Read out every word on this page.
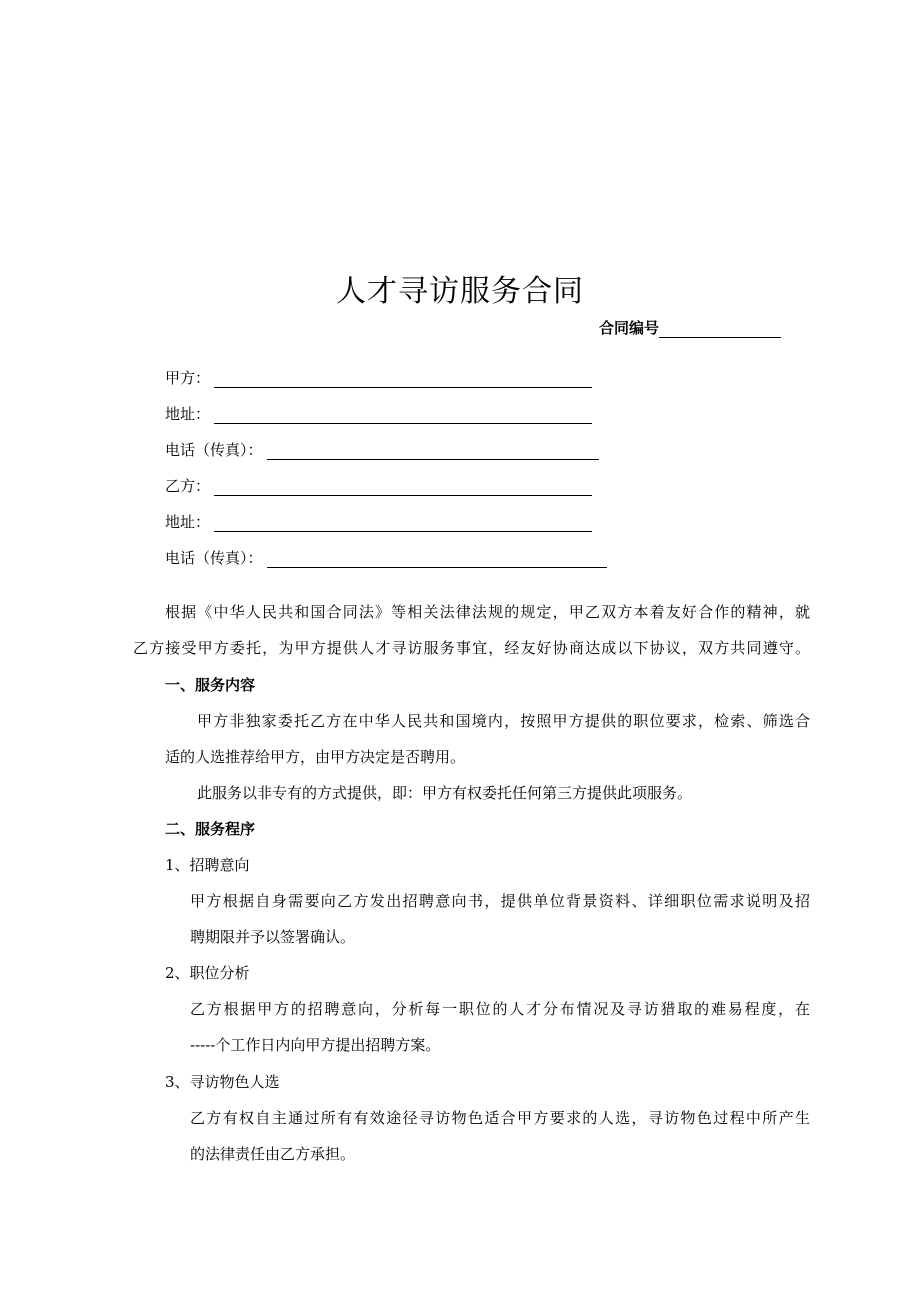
人才寻访服务合同
合同编号
甲方：
地址：
电话（传真）：
乙方：
地址：
电话（传真）：
根据《中华人民共和国合同法》等相关法律法规的规定，甲乙双方本着友好合作的精神，就
乙方接受甲方委托，为甲方提供人才寻访服务事宜，经友好协商达成以下协议，双方共同遵守。
一、服务内容
甲方非独家委托乙方在中华人民共和国境内，按照甲方提供的职位要求，检索、筛选合
适的人选推荐给甲方，由甲方决定是否聘用。
此服务以非专有的方式提供，即：甲方有权委托任何第三方提供此项服务。
二、服务程序
1、招聘意向
甲方根据自身需要向乙方发出招聘意向书，提供单位背景资料、详细职位需求说明及招
聘期限并予以签署确认。
2、职位分析
乙方根据甲方的招聘意向，分析每一职位的人才分布情况及寻访猎取的难易程度，在
-----个工作日内向甲方提出招聘方案。
3、寻访物色人选
乙方有权自主通过所有有效途径寻访物色适合甲方要求的人选，寻访物色过程中所产生
的法律责任由乙方承担。
